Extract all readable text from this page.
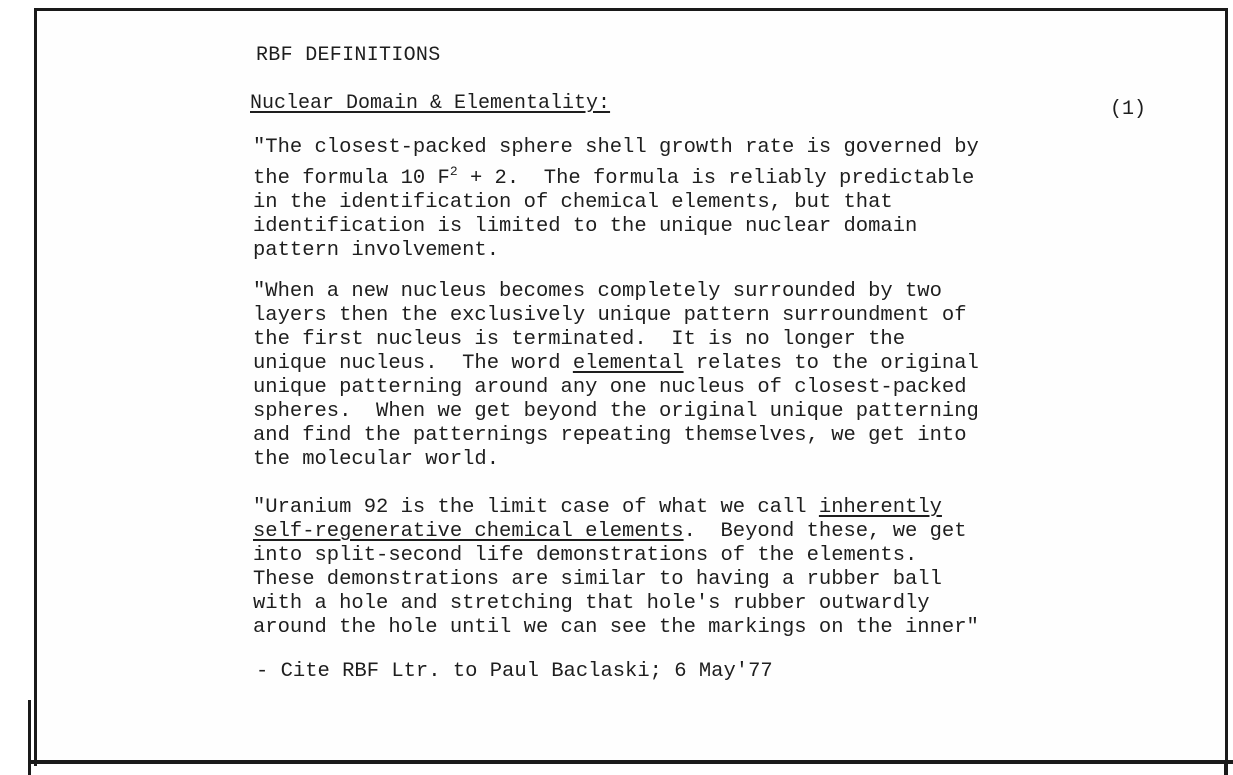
RBF DEFINITIONS
Nuclear Domain & Elementality:	(1)
"The closest-packed sphere shell growth rate is governed by
the formula 10 $F^2 + 2$.  The formula is reliably predictable
in the identification of chemical elements, but that
identification is limited to the unique nuclear domain
pattern involvement.
"When a new nucleus becomes completely surrounded by two
layers then the exclusively unique pattern surroundment of
the first nucleus is terminated.  It is no longer the
unique nucleus.  The word elemental relates to the original
unique patterning around any one nucleus of closest-packed
spheres.  When we get beyond the original unique patterning
and find the patternings repeating themselves, we get into
the molecular world.
"Uranium 92 is the limit case of what we call inherently
self-regenerative chemical elements.  Beyond these, we get
into split-second life demonstrations of the elements.
These demonstrations are similar to having a rubber ball
with a hole and stretching that hole's rubber outwardly
around the hole until we can see the markings on the inner"
- Cite RBF Ltr. to Paul Baclaski; 6 May'77
